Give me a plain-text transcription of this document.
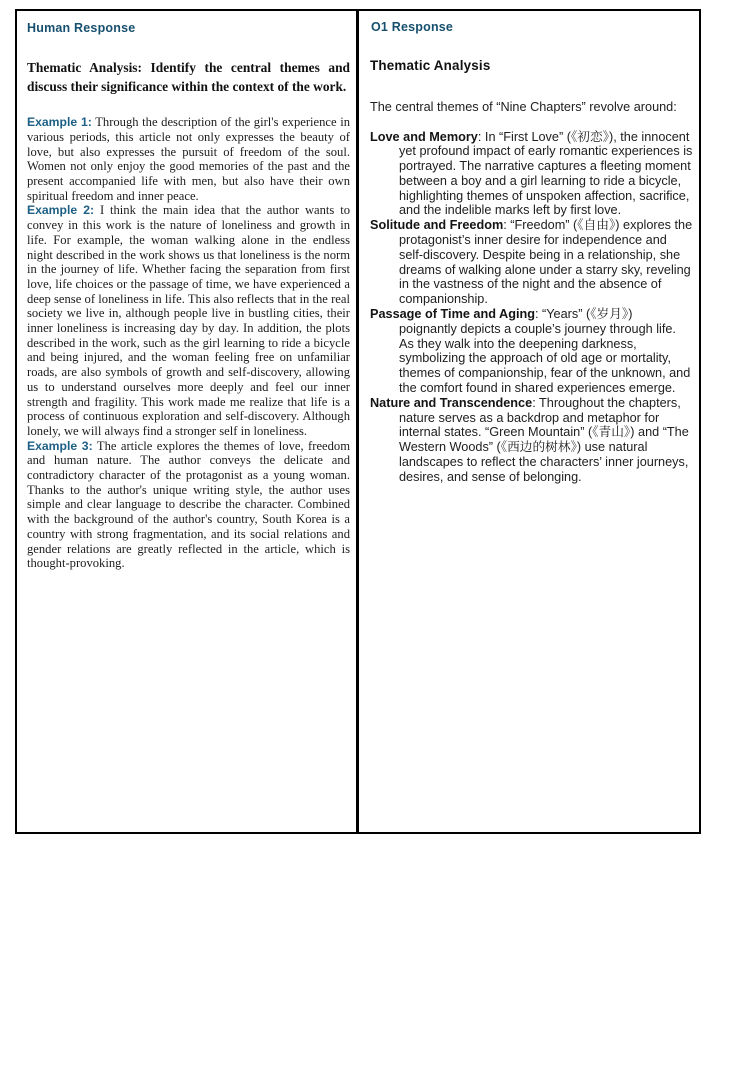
Human Response

Thematic Analysis: Identify the central themes and discuss their significance within the context of the work.

Example 1: Through the description of the girl's experience in various periods, this article not only expresses the beauty of love, but also expresses the pursuit of freedom of the soul. Women not only enjoy the good memories of the past and the present accompanied life with men, but also have their own spiritual freedom and inner peace.

Example 2: I think the main idea that the author wants to convey in this work is the nature of loneliness and growth in life. For example, the woman walking alone in the endless night described in the work shows us that loneliness is the norm in the journey of life. Whether facing the separation from first love, life choices or the passage of time, we have experienced a deep sense of loneliness in life. This also reflects that in the real society we live in, although people live in bustling cities, their inner loneliness is increasing day by day. In addition, the plots described in the work, such as the girl learning to ride a bicycle and being injured, and the woman feeling free on unfamiliar roads, are also symbols of growth and self-discovery, allowing us to understand ourselves more deeply and feel our inner strength and fragility. This work made me realize that life is a process of continuous exploration and self-discovery. Although lonely, we will always find a stronger self in loneliness.

Example 3: The article explores the themes of love, freedom and human nature. The author conveys the delicate and contradictory character of the protagonist as a young woman. Thanks to the author's unique writing style, the author uses simple and clear language to describe the character. Combined with the background of the author's country, South Korea is a country with strong fragmentation, and its social relations and gender relations are greatly reflected in the article, which is thought-provoking.

O1 Response
Thematic Analysis

The central themes of “Nine Chapters” revolve around:

Love and Memory: In “First Love” (《初恋》), the innocent yet profound impact of early romantic experiences is portrayed. The narrative captures a fleeting moment between a boy and a girl learning to ride a bicycle, highlighting themes of unspoken affection, sacrifice, and the indelible marks left by first love.
Solitude and Freedom: “Freedom” (《自由》) explores the protagonist’s inner desire for independence and self-discovery. Despite being in a relationship, she dreams of walking alone under a starry sky, reveling in the vastness of the night and the absence of companionship.
Passage of Time and Aging: “Years” (《岁月》) poignantly depicts a couple’s journey through life. As they walk into the deepening darkness, symbolizing the approach of old age or mortality, themes of companionship, fear of the unknown, and the comfort found in shared experiences emerge.
Nature and Transcendence: Throughout the chapters, nature serves as a backdrop and metaphor for internal states. “Green Mountain” (《青山》) and “The Western Woods” (《西边的树林》) use natural landscapes to reflect the characters’ inner journeys, desires, and sense of belonging.
